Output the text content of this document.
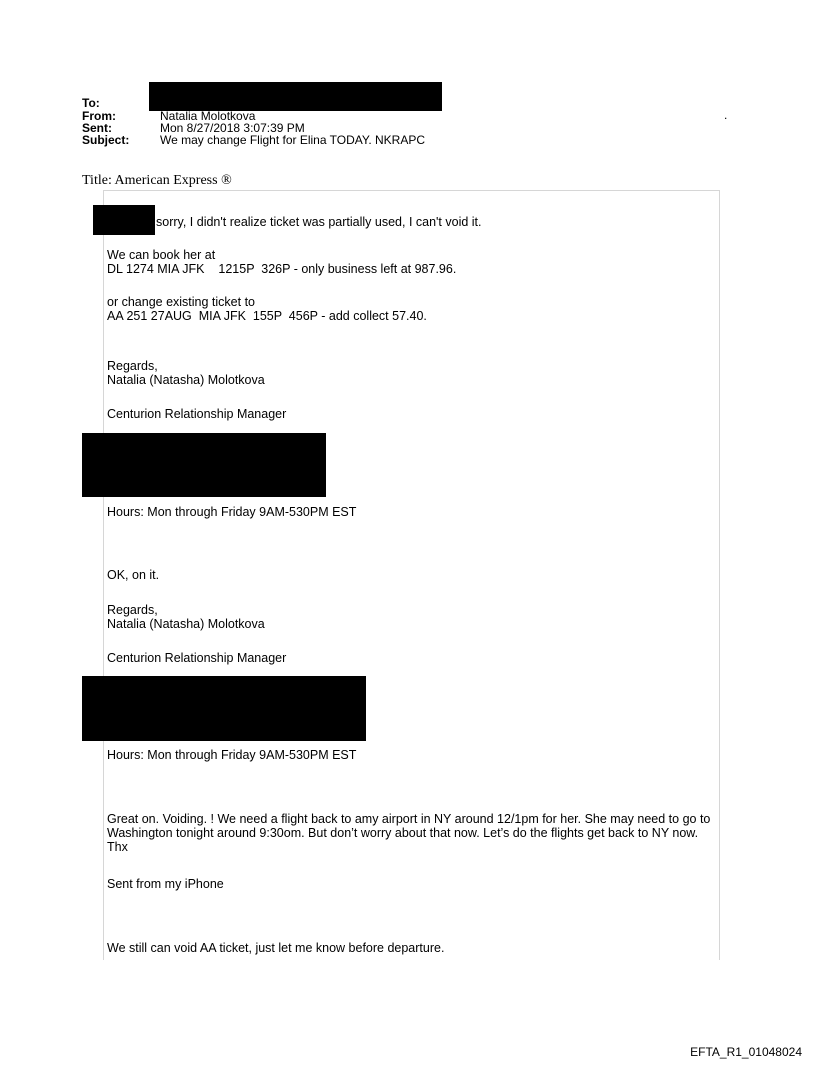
To:
From:	Natalia Molotkova
Sent:	Mon 8/27/2018 3:07:39 PM
Subject:	We may change Flight for Elina TODAY. NKRAPC
.
Title: American Express ®
sorry, I didn't realize ticket was partially used, I can't void it.
We can book her at
DL 1274 MIA JFK    1215P  326P - only business left at 987.96.
or change existing ticket to
AA 251 27AUG  MIA JFK  155P  456P - add collect 57.40.
Regards,
Natalia (Natasha) Molotkova
Centurion Relationship Manager
Hours: Mon through Friday 9AM-530PM EST
OK, on it.
Regards,
Natalia (Natasha) Molotkova
Centurion Relationship Manager
Hours: Mon through Friday 9AM-530PM EST
Great on. Voiding. ! We need a flight back to amy airport in NY around 12/1pm for her. She may need to go to Washington tonight around 9:30om. But don’t worry about that now. Let’s do the flights get back to NY now. Thx
Sent from my iPhone
We still can void AA ticket, just let me know before departure.
EFTA_R1_01048024
